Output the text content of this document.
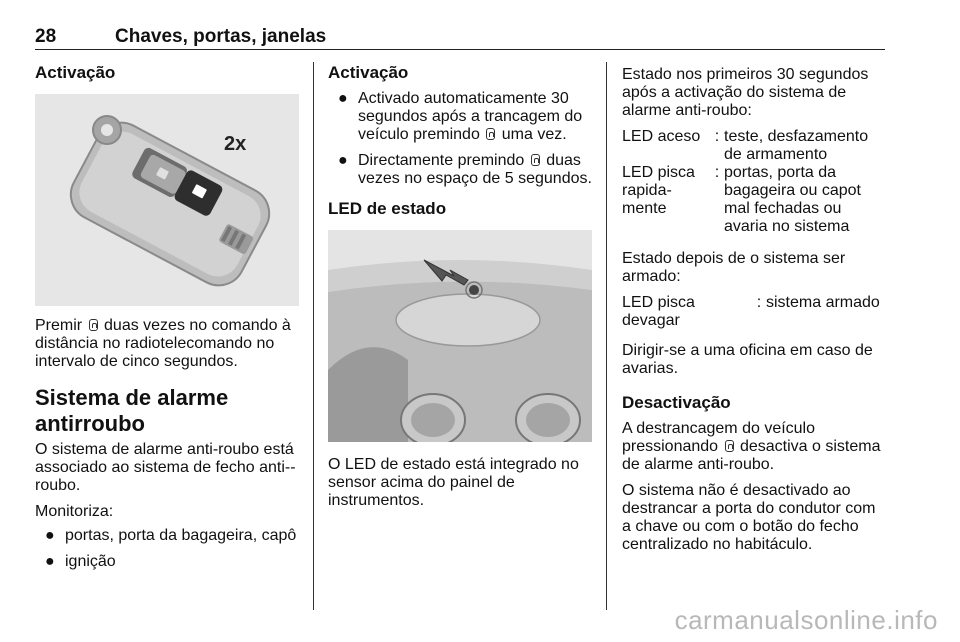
28	Chaves, portas, janelas
Activação
2x

Premir duas vezes no comando à distância no radiotelecomando no intervalo de cinco segundos.

Sistema de alarme antirroubo

O sistema de alarme anti-roubo está associado ao sistema de fecho anti--roubo.

Monitoriza:

● portas, porta da bagageira, capô
● ignição
Activação
● Activado automaticamente 30 segundos após a trancagem do veículo premindo uma vez.
● Directamente premindo duas vezes no espaço de 5 segundos.
LED de estado

O LED de estado está integrado no sensor acima do painel de instrumentos.

Estado nos primeiros 30 segundos após a activação do sistema de alarme anti-roubo:

LED aceso : teste, desfazamento de armamento
LED pisca rapida-mente
: portas, porta da bagageira ou capot mal fechadas ou avaria no sistema

Estado depois de o sistema ser armado:

LED pisca devagar
: sistema armado

Dirigir-se a uma oficina em caso de avarias.

Desactivação

A destrancagem do veículo pressionando desactiva o sistema de alarme anti-roubo.

O sistema não é desactivado ao destrancar a porta do condutor com a chave ou com o botão do fecho centralizado no habitáculo.

carmanualsonline.info
